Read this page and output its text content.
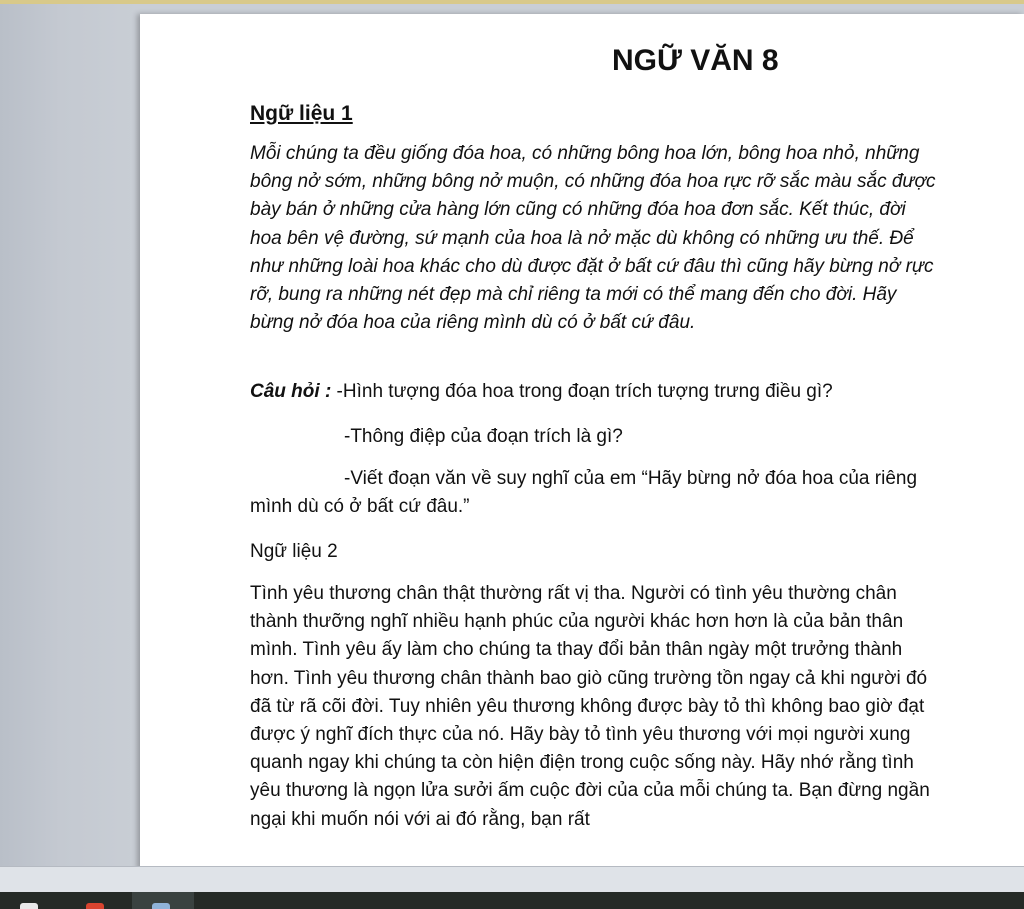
NGỮ VĂN 8
Ngữ liệu 1
Mỗi chúng ta đều giống đóa hoa, có những bông hoa lớn, bông hoa nhỏ, những bông nở sớm, những bông nở muộn, có những đóa hoa rực rỡ sắc màu sắc được bày bán ở những cửa hàng lớn cũng có những đóa hoa đơn sắc. Kết thúc, đời hoa bên vệ đường, sứ mạnh của hoa là nở mặc dù không có những ưu thế. Để như những loài hoa khác cho dù được đặt ở bất cứ đâu thì cũng hãy bừng nở rực rỡ, bung ra những nét đẹp mà chỉ riêng ta mới có thể mang đến cho đời. Hãy bừng nở đóa hoa của riêng mình dù có ở bất cứ đâu.
Câu hỏi : -Hình tượng đóa hoa trong đoạn trích tượng trưng điều gì?
-Thông điệp của đoạn trích là gì?
-Viết đoạn văn về suy nghĩ của em “Hãy bừng nở đóa hoa của riêng mình dù có ở bất cứ đâu.”
Ngữ liệu 2
Tình yêu thương chân thật thường rất vị tha. Người có tình yêu thường chân thành thưỡng nghĩ nhiều hạnh phúc của người khác hơn hơn là của bản thân mình. Tình yêu ấy làm cho chúng ta thay đổi bản thân ngày một trưởng thành hơn. Tình yêu thương chân thành bao giò cũng trường tồn ngay cả khi người đó đã từ rã cõi đời. Tuy nhiên yêu thương không được bày tỏ thì không bao giờ đạt được ý nghĩ đích thực của nó. Hãy bày tỏ tình yêu thương với mọi người xung quanh ngay khi chúng ta còn hiện điện trong cuộc sống này. Hãy nhớ rằng tình yêu thương là ngọn lửa sưởi ấm cuộc đời của của mỗi chúng ta. Bạn đừng ngần ngại khi muốn nói với ai đó rằng, bạn rất
